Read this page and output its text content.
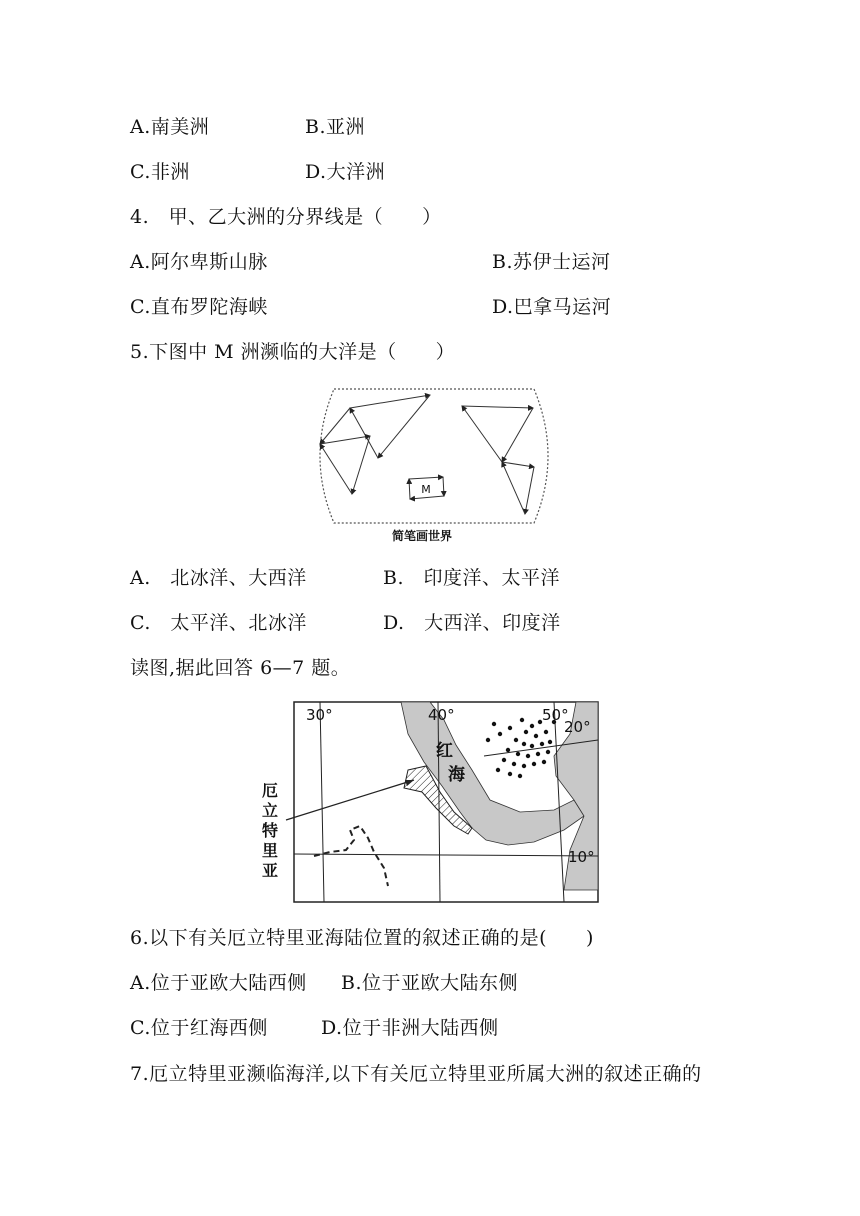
A.南美洲	B.亚洲
C.非洲	D.大洋洲
4.　甲、乙大洲的分界线是（　　）
A.阿尔卑斯山脉	B.苏伊士运河
C.直布罗陀海峡	D.巴拿马运河
5.下图中 M 洲濒临的大洋是（　　）
M
简笔画世界
A.　北冰洋、大西洋	B.　印度洋、太平洋
C.　太平洋、北冰洋	D.　大西洋、印度洋
读图,据此回答 6—7 题。
30°	40°	50°
20°
10°
红
海
厄
立
特
里
亚
6.以下有关厄立特里亚海陆位置的叙述正确的是(　　)
A.位于亚欧大陆西侧 B.位于亚欧大陆东侧
C.位于红海西侧	D.位于非洲大陆西侧
7.厄立特里亚濒临海洋,以下有关厄立特里亚所属大洲的叙述正确的
